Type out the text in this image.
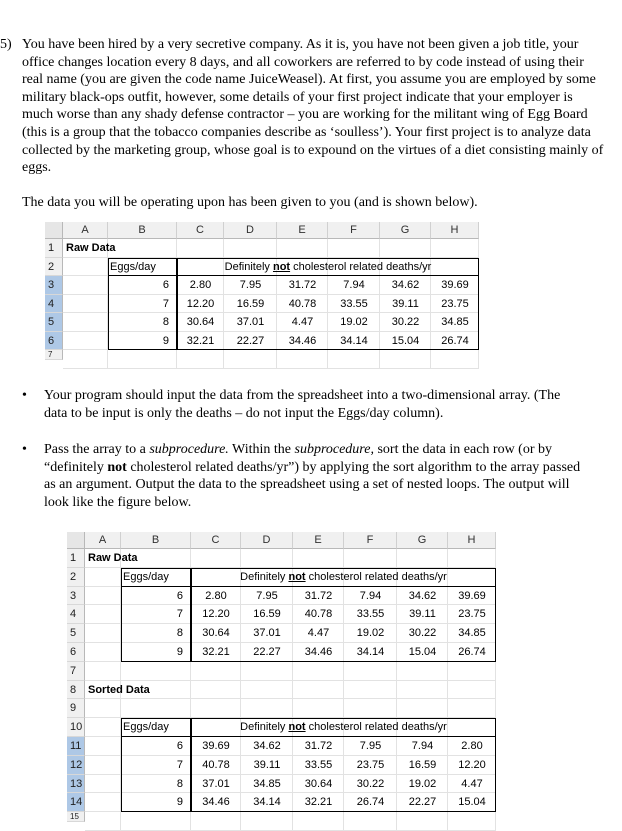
5) You have been hired by a very secretive company. As it is, you have not been given a job title, your office changes location every 8 days, and all coworkers are referred to by code instead of using their real name (you are given the code name JuiceWeasel). At first, you assume you are employed by some military black-ops outfit, however, some details of your first project indicate that your employer is much worse than any shady defense contractor – you are working for the militant wing of Egg Board (this is a group that the tobacco companies describe as ‘soulless’). Your first project is to analyze data collected by the marketing group, whose goal is to expound on the virtues of a diet consisting mainly of eggs.
The data you will be operating upon has been given to you (and is shown below).
A	B	C	D	E	F	G	H
1
2
3
4
5
6
7
Raw Data
Eggs/day	Definitely not cholesterol related deaths/yr
6	2.80	7.95	31.72	7.94	34.62	39.69
7	12.20	16.59	40.78	33.55	39.11	23.75
8	30.64	37.01	4.47	19.02	30.22	34.85
9	32.21	22.27	34.46	34.14	15.04	26.74
• Your program should input the data from the spreadsheet into a two-dimensional array. (The data to be input is only the deaths – do not input the Eggs/day column).
• Pass the array to a subprocedure. Within the subprocedure, sort the data in each row (or by “definitely not cholesterol related deaths/yr”) by applying the sort algorithm to the array passed as an argument. Output the data to the spreadsheet using a set of nested loops. The output will look like the figure below.
A	B	C	D	E	F	G	H
1
2
3
4
5
6
7
8
9
10
11
12
13
14
15
Raw Data
Eggs/day	Definitely not cholesterol related deaths/yr
6	2.80	7.95	31.72	7.94	34.62	39.69
7	12.20	16.59	40.78	33.55	39.11	23.75
8	30.64	37.01	4.47	19.02	30.22	34.85
9	32.21	22.27	34.46	34.14	15.04	26.74
Sorted Data
Eggs/day	Definitely not cholesterol related deaths/yr
6	39.69	34.62	31.72	7.95	7.94	2.80
7	40.78	39.11	33.55	23.75	16.59	12.20
8	37.01	34.85	30.64	30.22	19.02	4.47
9	34.46	34.14	32.21	26.74	22.27	15.04
